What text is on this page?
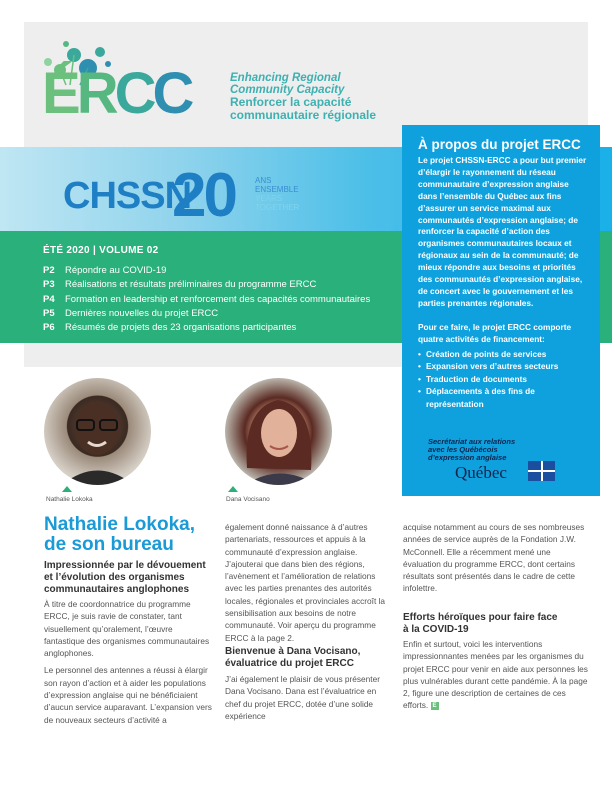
ÉRCC	Enhancing Regional
Community Capacity
Renforcer la capacité
communautaire régionale
CHSSN
20	ANS
ENSEMBLE
YEARS
TOGETHER
ÉTÉ 2020 | VOLUME 02
P2 Répondre au COVID-19
P3 Réalisations et résultats préliminaires du programme ERCC
P4 Formation en leadership et renforcement des capacités communautaires
P5 Dernières nouvelles du projet ERCC
P6 Résumés de projets des 23 organisations participantes
À propos du projet ERCC

Le projet CHSSN-ERCC a pour but premier d’élargir le rayonnement du réseau communautaire d’expression anglaise dans l’ensemble du Québec aux fins d’assurer un service maximal aux communautés d’expression anglaise; de renforcer la capacité d’action des organismes communautaires locaux et régionaux au sein de la communauté; de mieux répondre aux besoins et priorités des communautés d’expression anglaise, de concert avec le gouvernement et les parties prenantes régionales.

Pour ce faire, le projet ERCC comporte quatre activités de financement:

• Création de points de services
• Expansion vers d’autres secteurs
• Traduction de documents
• Déplacements à des fins de représentation
Secrétariat aux relations
avec les Québécois
d’expression anglaise
Québec
Nathalie Lokoka	Dana Vocisano
Nathalie Lokoka,
de son bureau
Impressionnée par le dévouement
et l’évolution des organismes
communautaires anglophones

À titre de coordonnatrice du programme ERCC, je suis ravie de constater, tant visuellement qu’oralement, l’œuvre fantastique des organismes communautaires anglophones.

Le personnel des antennes a réussi à élargir son rayon d’action et à aider les populations d’expression anglaise qui ne bénéficiaient d’aucun service auparavant. L’expansion vers de nouveaux secteurs d’activité a

également donné naissance à d’autres partenariats, ressources et appuis à la communauté d’expression anglaise. J’ajouterai que dans bien des régions, l’avènement et l’amélioration de relations avec les parties prenantes des autorités locales, régionales et provinciales accroît la sensibilisation aux besoins de notre communauté. Voir aperçu du programme ERCC à la page 2.

Bienvenue à Dana Vocisano,
évaluatrice du projet ERCC

J’ai également le plaisir de vous présenter Dana Vocisano. Dana est l’évaluatrice en chef du projet ERCC, dotée d’une solide expérience

acquise notamment au cours de ses nombreuses années de service auprès de la Fondation J.W. McConnell. Elle a récemment mené une évaluation du programme ERCC, dont certains résultats sont présentés dans le cadre de cette infolettre.

Efforts héroïques pour faire face
à la COVID-19

Enfin et surtout, voici les interventions impressionnantes menées par les organismes du projet ERCC pour venir en aide aux personnes les plus vulnérables durant cette pandémie. À la page 2, figure une description de certaines de ces efforts. E
